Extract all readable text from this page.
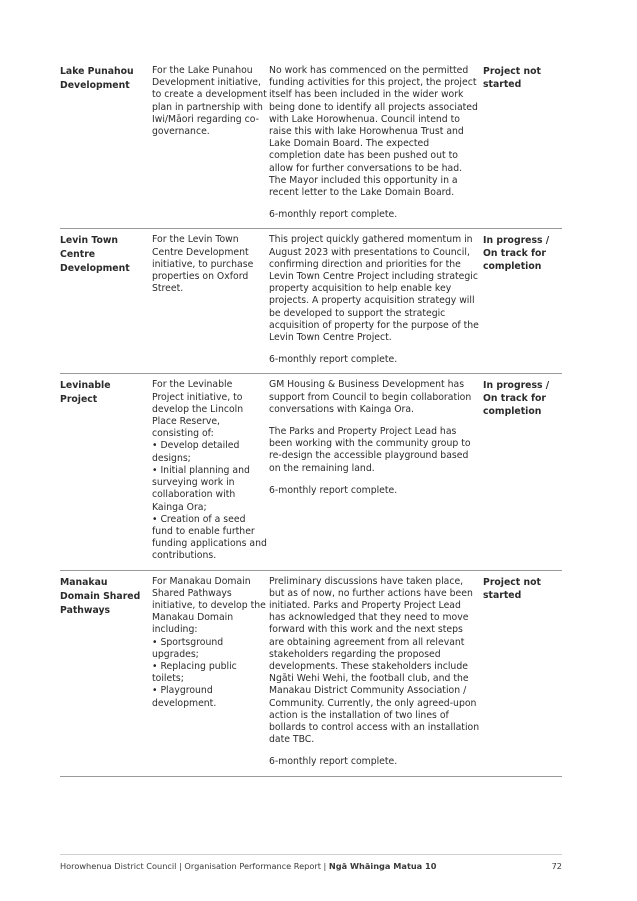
Lake Punahou Development
For the Lake Punahou Development initiative, to create a development plan in partnership with Iwi/Māori regarding co-governance.

No work has commenced on the permitted funding activities for this project, the project itself has been included in the wider work being done to identify all projects associated with Lake Horowhenua. Council intend to raise this with lake Horowhenua Trust and Lake Domain Board. The expected completion date has been pushed out to allow for further conversations to be had. The Mayor included this opportunity in a recent letter to the Lake Domain Board.

6-monthly report complete.

Project not started
Levin Town Centre Development
For the Levin Town Centre Development initiative, to purchase properties on Oxford Street.

This project quickly gathered momentum in August 2023 with presentations to Council, confirming direction and priorities for the Levin Town Centre Project including strategic property acquisition to help enable key projects. A property acquisition strategy will be developed to support the strategic acquisition of property for the purpose of the Levin Town Centre Project.

6-monthly report complete.

In progress / On track for completion
Levinable Project
For the Levinable Project initiative, to develop the Lincoln Place Reserve, consisting of:
• Develop detailed designs;
• Initial planning and surveying work in collaboration with Kainga Ora;
• Creation of a seed fund to enable further funding applications and contributions.

GM Housing & Business Development has support from Council to begin collaboration conversations with Kainga Ora.

The Parks and Property Project Lead has been working with the community group to re-design the accessible playground based on the remaining land.

6-monthly report complete.

In progress / On track for completion
Manakau Domain Shared Pathways
For Manakau Domain Shared Pathways initiative, to develop the Manakau Domain including:
• Sportsground upgrades;
• Replacing public toilets;
• Playground development.

Preliminary discussions have taken place, but as of now, no further actions have been initiated. Parks and Property Project Lead has acknowledged that they need to move forward with this work and the next steps are obtaining agreement from all relevant stakeholders regarding the proposed developments. These stakeholders include Ngāti Wehi Wehi, the football club, and the Manakau District Community Association / Community. Currently, the only agreed-upon action is the installation of two lines of bollards to control access with an installation date TBC.

6-monthly report complete.

Project not started
Horowhenua District Council | Organisation Performance Report | Ngā Whāinga Matua 10	72
